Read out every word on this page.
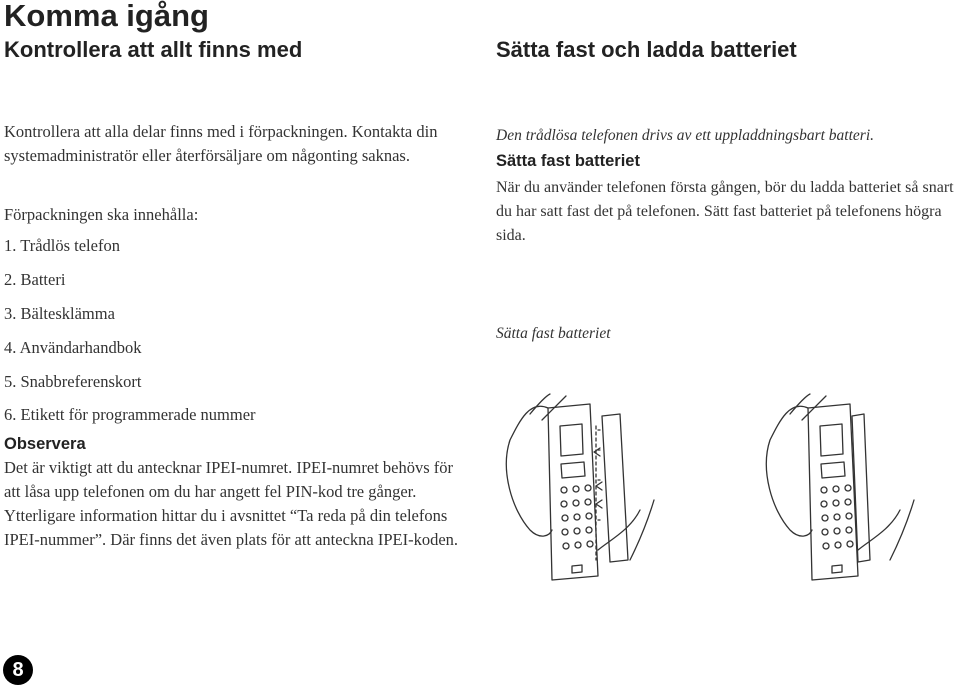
Komma igång
Kontrollera att allt finns med	Sätta fast och ladda batteriet
Kontrollera att alla delar finns med i förpackningen. Kontakta din systemadministratör eller återförsäljare om någonting saknas.
Förpackningen ska innehålla:
1. Trådlös telefon
2. Batteri
3. Bältesklämma
4. Användarhandbok
5. Snabbreferenskort
6. Etikett för programmerade nummer
Observera
Det är viktigt att du antecknar IPEI-numret. IPEI-numret behövs för att låsa upp telefonen om du har angett fel PIN-kod tre gånger. Ytterligare information hittar du i avsnittet “Ta reda på din telefons IPEI-nummer”. Där finns det även plats för att anteckna IPEI-koden.
Den trådlösa telefonen drivs av ett uppladdningsbart batteri.
Sätta fast batteriet
När du använder telefonen första gången, bör du ladda batteriet så snart du har satt fast det på telefonen. Sätt fast batteriet på telefonens högra sida.
Sätta fast batteriet
8
